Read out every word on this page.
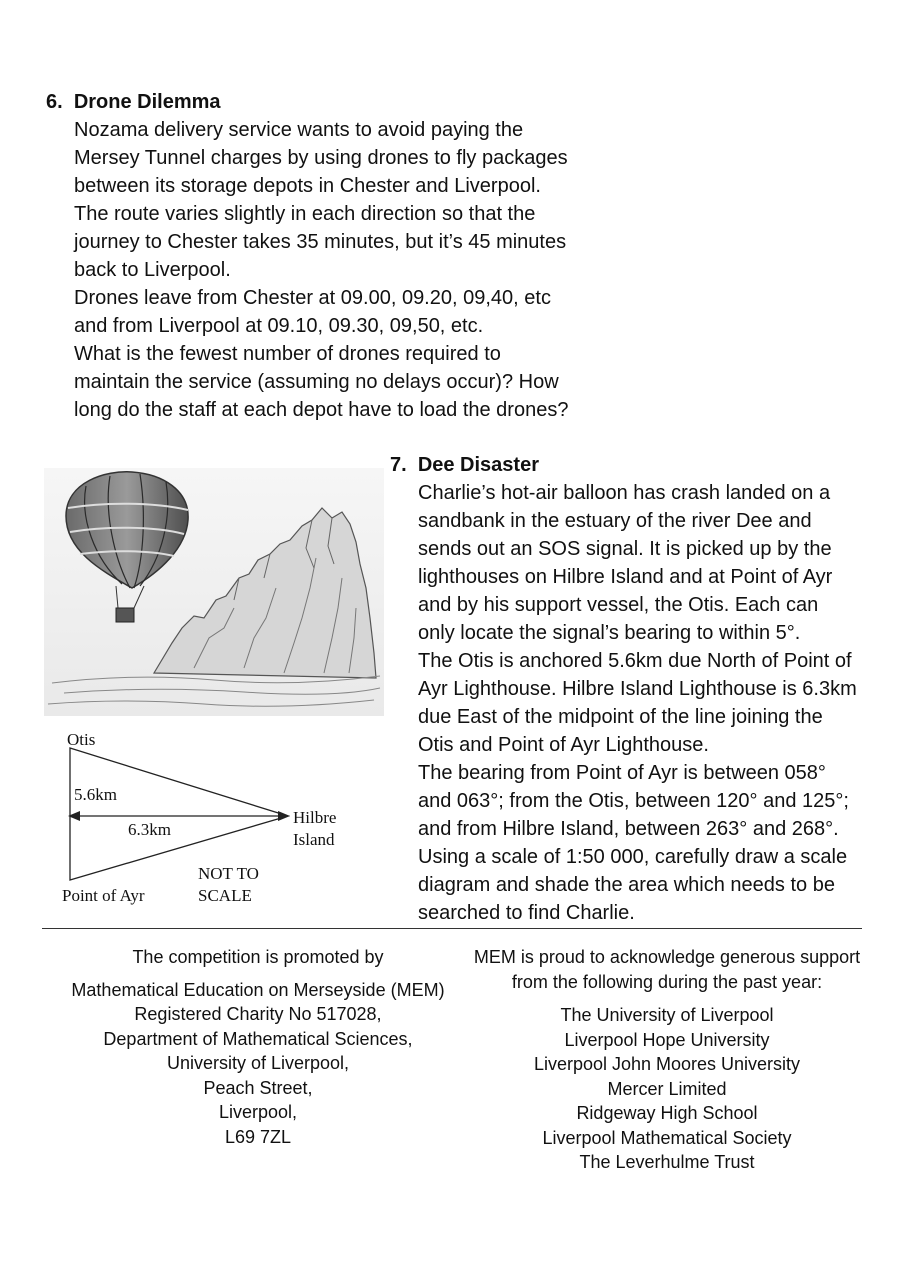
6. Drone Dilemma
Nozama delivery service wants to avoid paying the
Mersey Tunnel charges by using drones to fly packages
between its storage depots in Chester and Liverpool.
The route varies slightly in each direction so that the
journey to Chester takes 35 minutes, but it’s 45 minutes
back to Liverpool.
Drones leave from Chester at 09.00, 09.20, 09,40, etc
and from Liverpool at 09.10, 09.30, 09,50, etc.
What is the fewest number of drones required to
maintain the service (assuming no delays occur)? How
long do the staff at each depot have to load the drones?
Otis
5.6km
6.3km
Hilbre
Island
NOT TO
SCALE
Point of Ayr
7. Dee Disaster
Charlie’s hot-air balloon has crash landed on a
sandbank in the estuary of the river Dee and
sends out an SOS signal. It is picked up by the
lighthouses on Hilbre Island and at Point of Ayr
and by his support vessel, the Otis. Each can
only locate the signal’s bearing to within 5°.
The Otis is anchored 5.6km due North of Point of
Ayr Lighthouse. Hilbre Island Lighthouse is 6.3km
due East of the midpoint of the line joining the
Otis and Point of Ayr Lighthouse.
The bearing from Point of Ayr is between 058°
and 063°; from the Otis, between 120° and 125°;
and from Hilbre Island, between 263° and 268°.
Using a scale of 1:50 000, carefully draw a scale
diagram and shade the area which needs to be
searched to find Charlie.
The competition is promoted by
Mathematical Education on Merseyside (MEM)
Registered Charity No 517028,
Department of Mathematical Sciences,
University of Liverpool,
Peach Street,
Liverpool,
L69 7ZL
MEM is proud to acknowledge generous support
from the following during the past year:
The University of Liverpool
Liverpool Hope University
Liverpool John Moores University
Mercer Limited
Ridgeway High School
Liverpool Mathematical Society
The Leverhulme Trust
